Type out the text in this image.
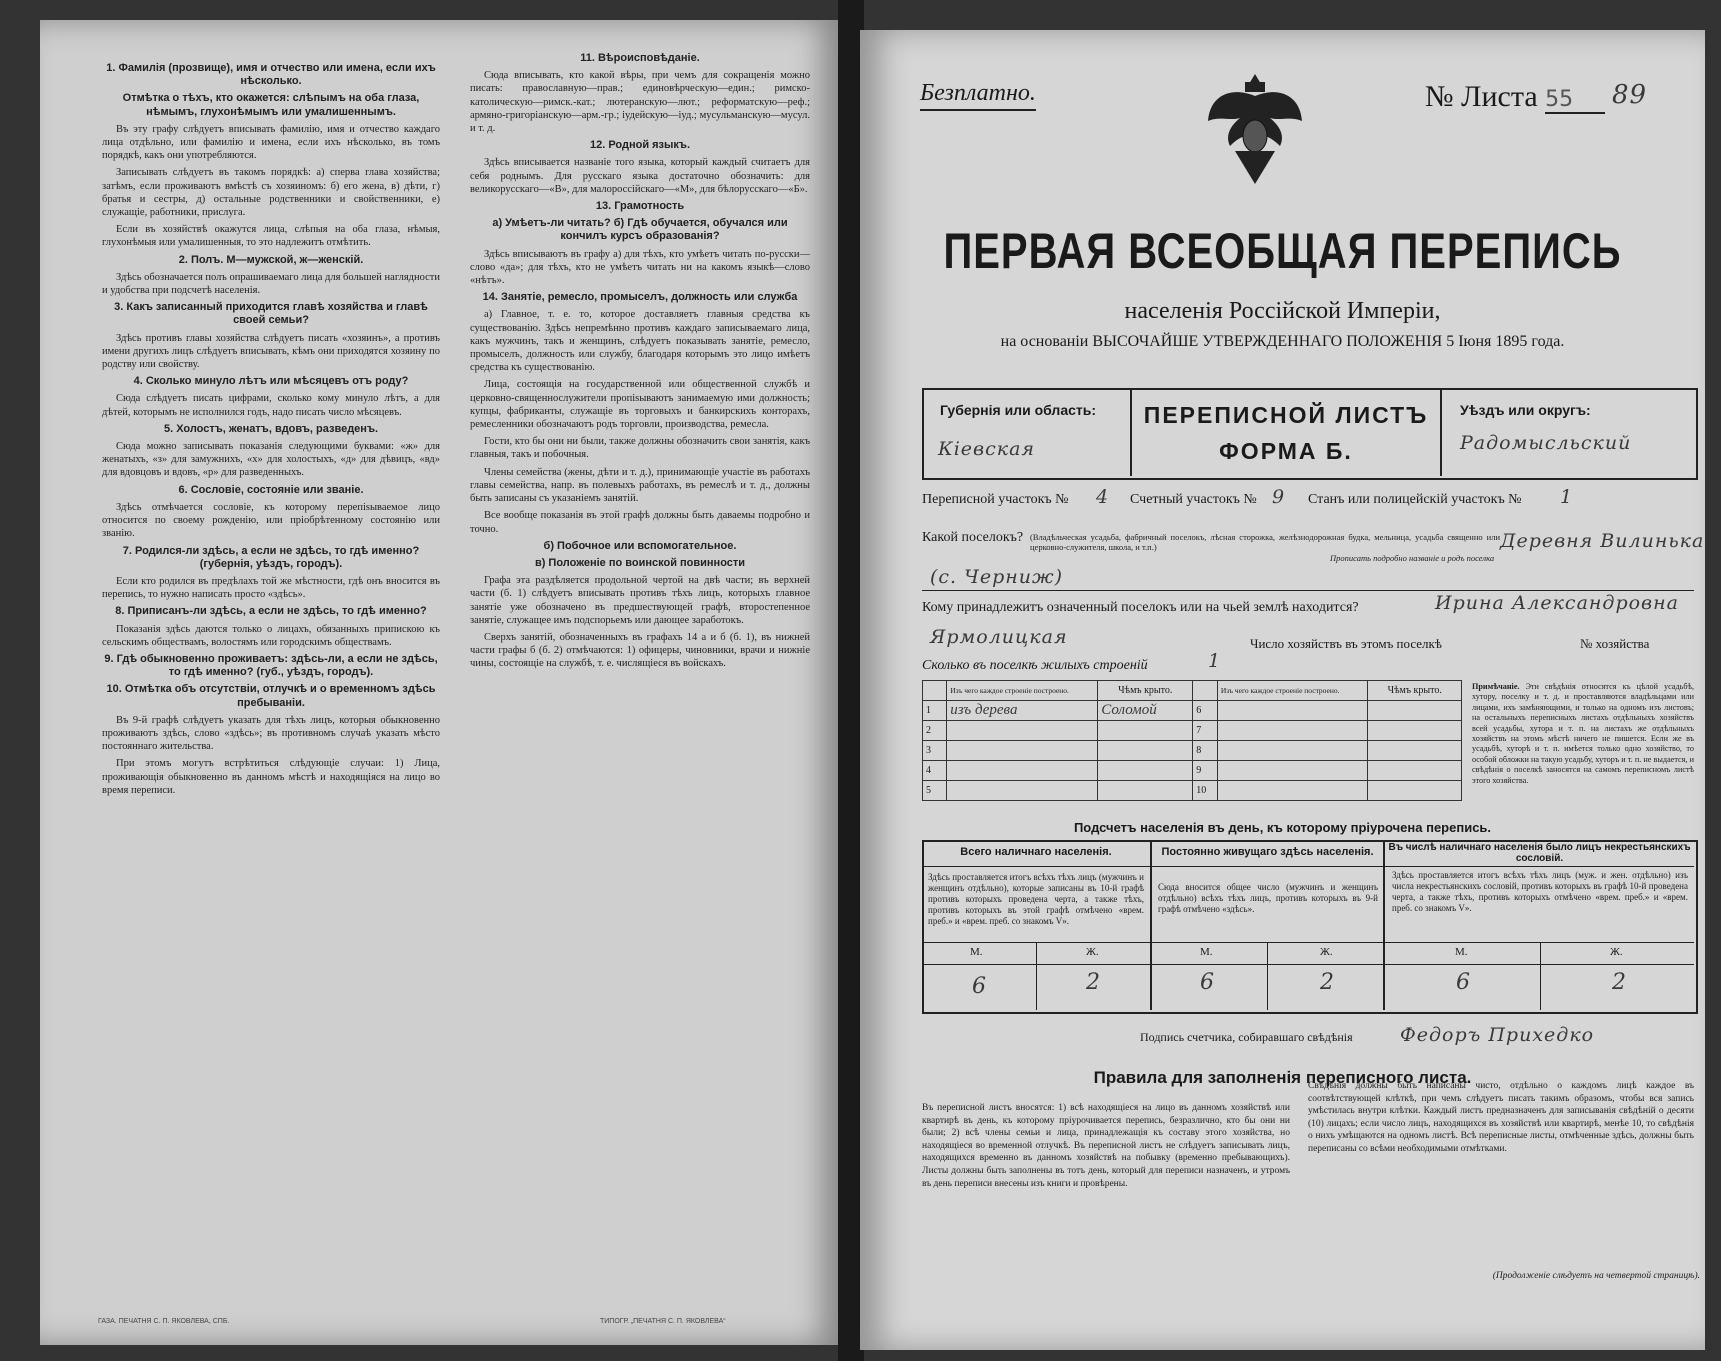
1. Фамилія (прозвище), имя и отчество или имена, если ихъ нѣсколько.
Отмѣтка о тѣхъ, кто окажется: слѣпымъ на оба глаза, нѣмымъ, глухонѣмымъ или умалишеннымъ.

Въ эту графу слѣдуетъ вписывать фамилію, имя и отчество каждаго лица отдѣльно, или фамилію и имена, если ихъ нѣсколько, въ томъ порядкѣ, какъ они употребляются.

Записывать слѣдуетъ въ такомъ порядкѣ: а) сперва глава хозяйства; затѣмъ, если проживаютъ вмѣстѣ съ хозяиномъ: б) его жена, в) дѣти, г) братья и сестры, д) остальные родственники и свойственники, е) служащіе, работники, прислуга.

Если въ хозяйствѣ окажутся лица, слѣпыя на оба глаза, нѣмыя, глухонѣмыя или умалишенныя, то это надлежитъ отмѣтить.

2. Полъ. М—мужской, ж—женскій.

Здѣсь обозначается полъ опрашиваемаго лица для большей наглядности и удобства при подсчетѣ населенія.

3. Какъ записанный приходится главѣ хозяйства и главѣ своей семьи?

Здѣсь противъ главы хозяйства слѣдуетъ писать «хозяинъ», а противъ имени другихъ лицъ слѣдуетъ вписывать, кѣмъ они приходятся хозяину по родству или свойству.

4. Сколько минуло лѣтъ или мѣсяцевъ отъ роду?

Сюда слѣдуетъ писать цифрами, сколько кому минуло лѣтъ, а для дѣтей, которымъ не исполнился годъ, надо писать число мѣсяцевъ.

5. Холостъ, женатъ, вдовъ, разведенъ.

Сюда можно записывать показанія следующими буквами: «ж» для женатыхъ, «з» для замужнихъ, «х» для холостыхъ, «д» для дѣвицъ, «вд» для вдовцовъ и вдовъ, «р» для разведенныхъ.

6. Сословіе, состояніе или званіе.

Здѣсь отмѣчается сословіе, къ которому перепisываемое лицо относится по своему рожденію, или пріобрѣтенному состоянію или званію.

7. Родился-ли здѣсь, а если не здѣсь, то гдѣ именно? (губернія, уѣздъ, городъ).

Если кто родился въ предѣлахъ той же мѣстности, гдѣ онъ вносится въ перепись, то нужно написать просто «здѣсь».

8. Приписанъ-ли здѣсь, а если не здѣсь, то гдѣ именно?

Показанія здѣсь даются только о лицахъ, обязанныхъ припискою къ сельскимъ обществамъ, волостямъ или городскимъ обществамъ.

9. Гдѣ обыкновенно проживаетъ: здѣсь-ли, а если не здѣсь, то гдѣ именно? (губ., уѣздъ, городъ).
10. Отмѣтка объ отсутствіи, отлучкѣ и о временномъ здѣсь пребываніи.

Въ 9-й графѣ слѣдуетъ указать для тѣхъ лицъ, которыя обыкновенно проживаютъ здѣсь, слово «здѣсь»; въ противномъ случаѣ указать мѣсто постояннаго жительства.

При этомъ могутъ встрѣтиться слѣдующіе случаи: 1) Лица, проживающія обыкновенно въ данномъ мѣстѣ и находящіяся на лицо во время переписи.

11. Вѣроисповѣданіе.

Сюда вписывать, кто какой вѣры, при чемъ для сокращенія можно писать: православную—прав.; единовѣрческую—един.; римско-католическую—римск.-кат.; лютеранскую—лют.; реформатскую—реф.; армяно-григоріанскую—арм.-гр.; іудейскую—іуд.; мусульманскую—мусул. и т. д.

12. Родной языкъ.

Здѣсь вписывается названіе того языка, который каждый считаетъ для себя роднымъ. Для русскаго языка достаточно обозначить: для великорусскаго—«В», для малороссійскаго—«М», для бѣлорусскаго—«Б».

13. Грамотность
а) Умѣетъ-ли читать? б) Гдѣ обучается, обучался или кончилъ курсъ образованія?

Здѣсь вписываютъ въ графу а) для тѣхъ, кто умѣетъ читать по-русски—слово «да»; для тѣхъ, кто не умѣетъ читать ни на какомъ языкѣ—слово «нѣтъ».

14. Занятіе, ремесло, промыселъ, должность или служба

а) Главное, т. е. то, которое доставляетъ главныя средства къ существованію. Здѣсь непремѣнно противъ каждаго записываемаго лица, какъ мужчинъ, такъ и женщинъ, слѣдуетъ показывать занятіе, ремесло, промыселъ, должность или службу, благодаря которымъ это лицо имѣетъ средства къ существованію.

Лица, состоящія на государственной или общественной службѣ и церковно-священнослужители пропisываютъ занимаемую ими должность; купцы, фабриканты, служащіе въ торговыхъ и банкирскихъ конторахъ, ремесленники обозначаютъ родъ торговли, производства, ремесла.

Гости, кто бы они ни были, также должны обозначить свои занятія, какъ главныя, такъ и побочныя.

Члены семейства (жены, дѣти и т. д.), принимающіе участіе въ работахъ главы семейства, напр. въ полевыхъ работахъ, въ ремеслѣ и т. д., должны быть записаны съ указаніемъ занятій.

Все вообще показанія въ этой графѣ должны быть даваемы подробно и точно.

б) Побочное или вспомогательное.
в) Положеніе по воинской повинности

Графа эта раздѣляется продольной чертой на двѣ части; въ верхней части (б. 1) слѣдуетъ вписывать противъ тѣхъ лицъ, которыхъ главное занятіе уже обозначено въ предшествующей графѣ, второстепенное занятіе, служащее имъ подспорьемъ или дающее заработокъ.

Сверхъ занятій, обозначенныхъ въ графахъ 14 а и б (б. 1), въ нижней части графы б (б. 2) отмѣчаются: 1) офицеры, чиновники, врачи и нижніе чины, состоящіе на службѣ, т. е. числящіеся въ войскахъ.

ГАЗА. ПЕЧАТНЯ С. П. ЯКОВЛЕВА, СПБ.	ТИПОГР. „ПЕЧАТНЯ С. П. ЯКОВЛЕВА“
Безплатно.	№ Листа 55	89
ПЕРВАЯ ВСЕОБЩАЯ ПЕРЕПИСЬ
населенія Россійской Имперіи,
на основаніи ВЫСОЧАЙШЕ УТВЕРЖДЕННАГО ПОЛОЖЕНІЯ 5 Іюня 1895 года.
Губернія или область:
Кіевская
ПЕРЕПИСНОЙ ЛИСТЪ
ФОРМА Б.
Уѣздъ или округъ:
Радомысльский
Переписной участокъ № 4 Счетный участокъ № 9 Станъ или полицейскій участокъ № 1
Какой поселокъ? (Владѣльческая усадьба, фабричный поселокъ, лѣсная сторожка, желѣзнодорожная будка, мельница, усадьба священно или церковно-служителя, школа, и т.п.)
Прописать подробно названіе и родъ поселка
Деревня Вилинька
(с. Черниж)
Кому принадлежитъ означенный поселокъ или на чьей землѣ находится?	Ирина Александровна
Ярмолицкая	Число хозяйствъ въ этомъ поселкѣ	№ хозяйства
Сколько въ поселкѣ жилыхъ строеній	1
	Изъ чего каждое строеніе построено.	Чѣмъ крыто.		Изъ чего каждое строеніе построено.	Чѣмъ крыто.
1	изъ дерева	Соломой	6		
2			7		
3			8		
4			9		
5			10		
Примѣчаніе. Эти свѣдѣнія относятся къ цѣлой усадьбѣ, хутору, поселку и т. д. и проставляются владѣльцами или лицами, ихъ замѣняющими, и только на одномъ изъ листовъ; на остальныхъ переписныхъ листахъ отдѣльныхъ хозяйствъ всей усадьбы, хутора и т. п. на листахъ же отдѣльныхъ хозяйствъ на этомъ мѣстѣ ничего не пишется. Если же въ усадьбѣ, хуторѣ и т. п. имѣется только одно хозяйство, то особой обложки на такую усадьбу, хуторъ и т. п. не выдается, и свѣдѣнія о поселкѣ заносятся на самомъ переписномъ листѣ этого хозяйства.
Подсчетъ населенія въ день, къ которому пріурочена перепись.
Всего наличнаго населенія.	Постоянно живущаго здѣсь населенія.	Въ числѣ наличнаго населенія было лицъ некрестьянскихъ сословій.
Здѣсь проставляется итогъ всѣхъ тѣхъ лицъ (мужчинъ и женщинъ отдѣльно), которые записаны въ 10-й графѣ противъ которыхъ проведена черта, а также тѣхъ, противъ которыхъ въ этой графѣ отмѣчено «врем. преб.» и «врем. преб. со знакомъ V».
Сюда вносится общее число (мужчинъ и женщинъ отдѣльно) всѣхъ тѣхъ лицъ, противъ которыхъ въ 9-й графѣ отмѣчено «здѣсь».
Здѣсь проставляется итогъ всѣхъ тѣхъ лицъ (муж. и жен. отдѣльно) изъ числа некрестьянскихъ сословій, противъ которыхъ въ графѣ 10-й проведена черта, а также тѣхъ, противъ которыхъ отмѣчено «врем. преб.» и «врем. преб. со знакомъ V».
М.	Ж.	М.	Ж.	М.	Ж.
6	2	6	2	6	2
Подпись счетчика, собиравшаго свѣдѣнія Федоръ Прихедко
Правила для заполненія переписного листа.
Въ переписной листъ вносятся: 1) всѣ находящіеся на лицо въ данномъ хозяйствѣ или квартирѣ въ день, къ которому пріурочивается перепись, безразлично, кто бы они ни были; 2) всѣ члены семьи и лица, принадлежащія къ составу этого хозяйства, но находящіеся во временной отлучкѣ. Въ переписной листъ не слѣдуетъ записывать лицъ, находящихся временно въ данномъ хозяйствѣ на побывку (временно пребывающихъ). Листы должны быть заполнены въ тотъ день, который для переписи назначенъ, и утромъ въ день переписи внесены изъ книги и провѣрены.
Свѣдѣнія должны быть написаны чисто, отдѣльно о каждомъ лицѣ каждое въ соотвѣтствующей клѣткѣ, при чемъ слѣдуетъ писать такимъ образомъ, чтобы вся запись умѣстилась внутри клѣтки. Каждый листъ предназначенъ для записыванія свѣдѣній о десяти (10) лицахъ; если число лицъ, находящихся въ хозяйствѣ или квартирѣ, менѣе 10, то свѣдѣнія о нихъ умѣщаются на одномъ листѣ. Всѣ переписные листы, отмѣченные здѣсь, должны быть переписаны со всѣми необходимыми отмѣтками.
(Продолженіе слѣдуетъ на четвертой страницѣ).
